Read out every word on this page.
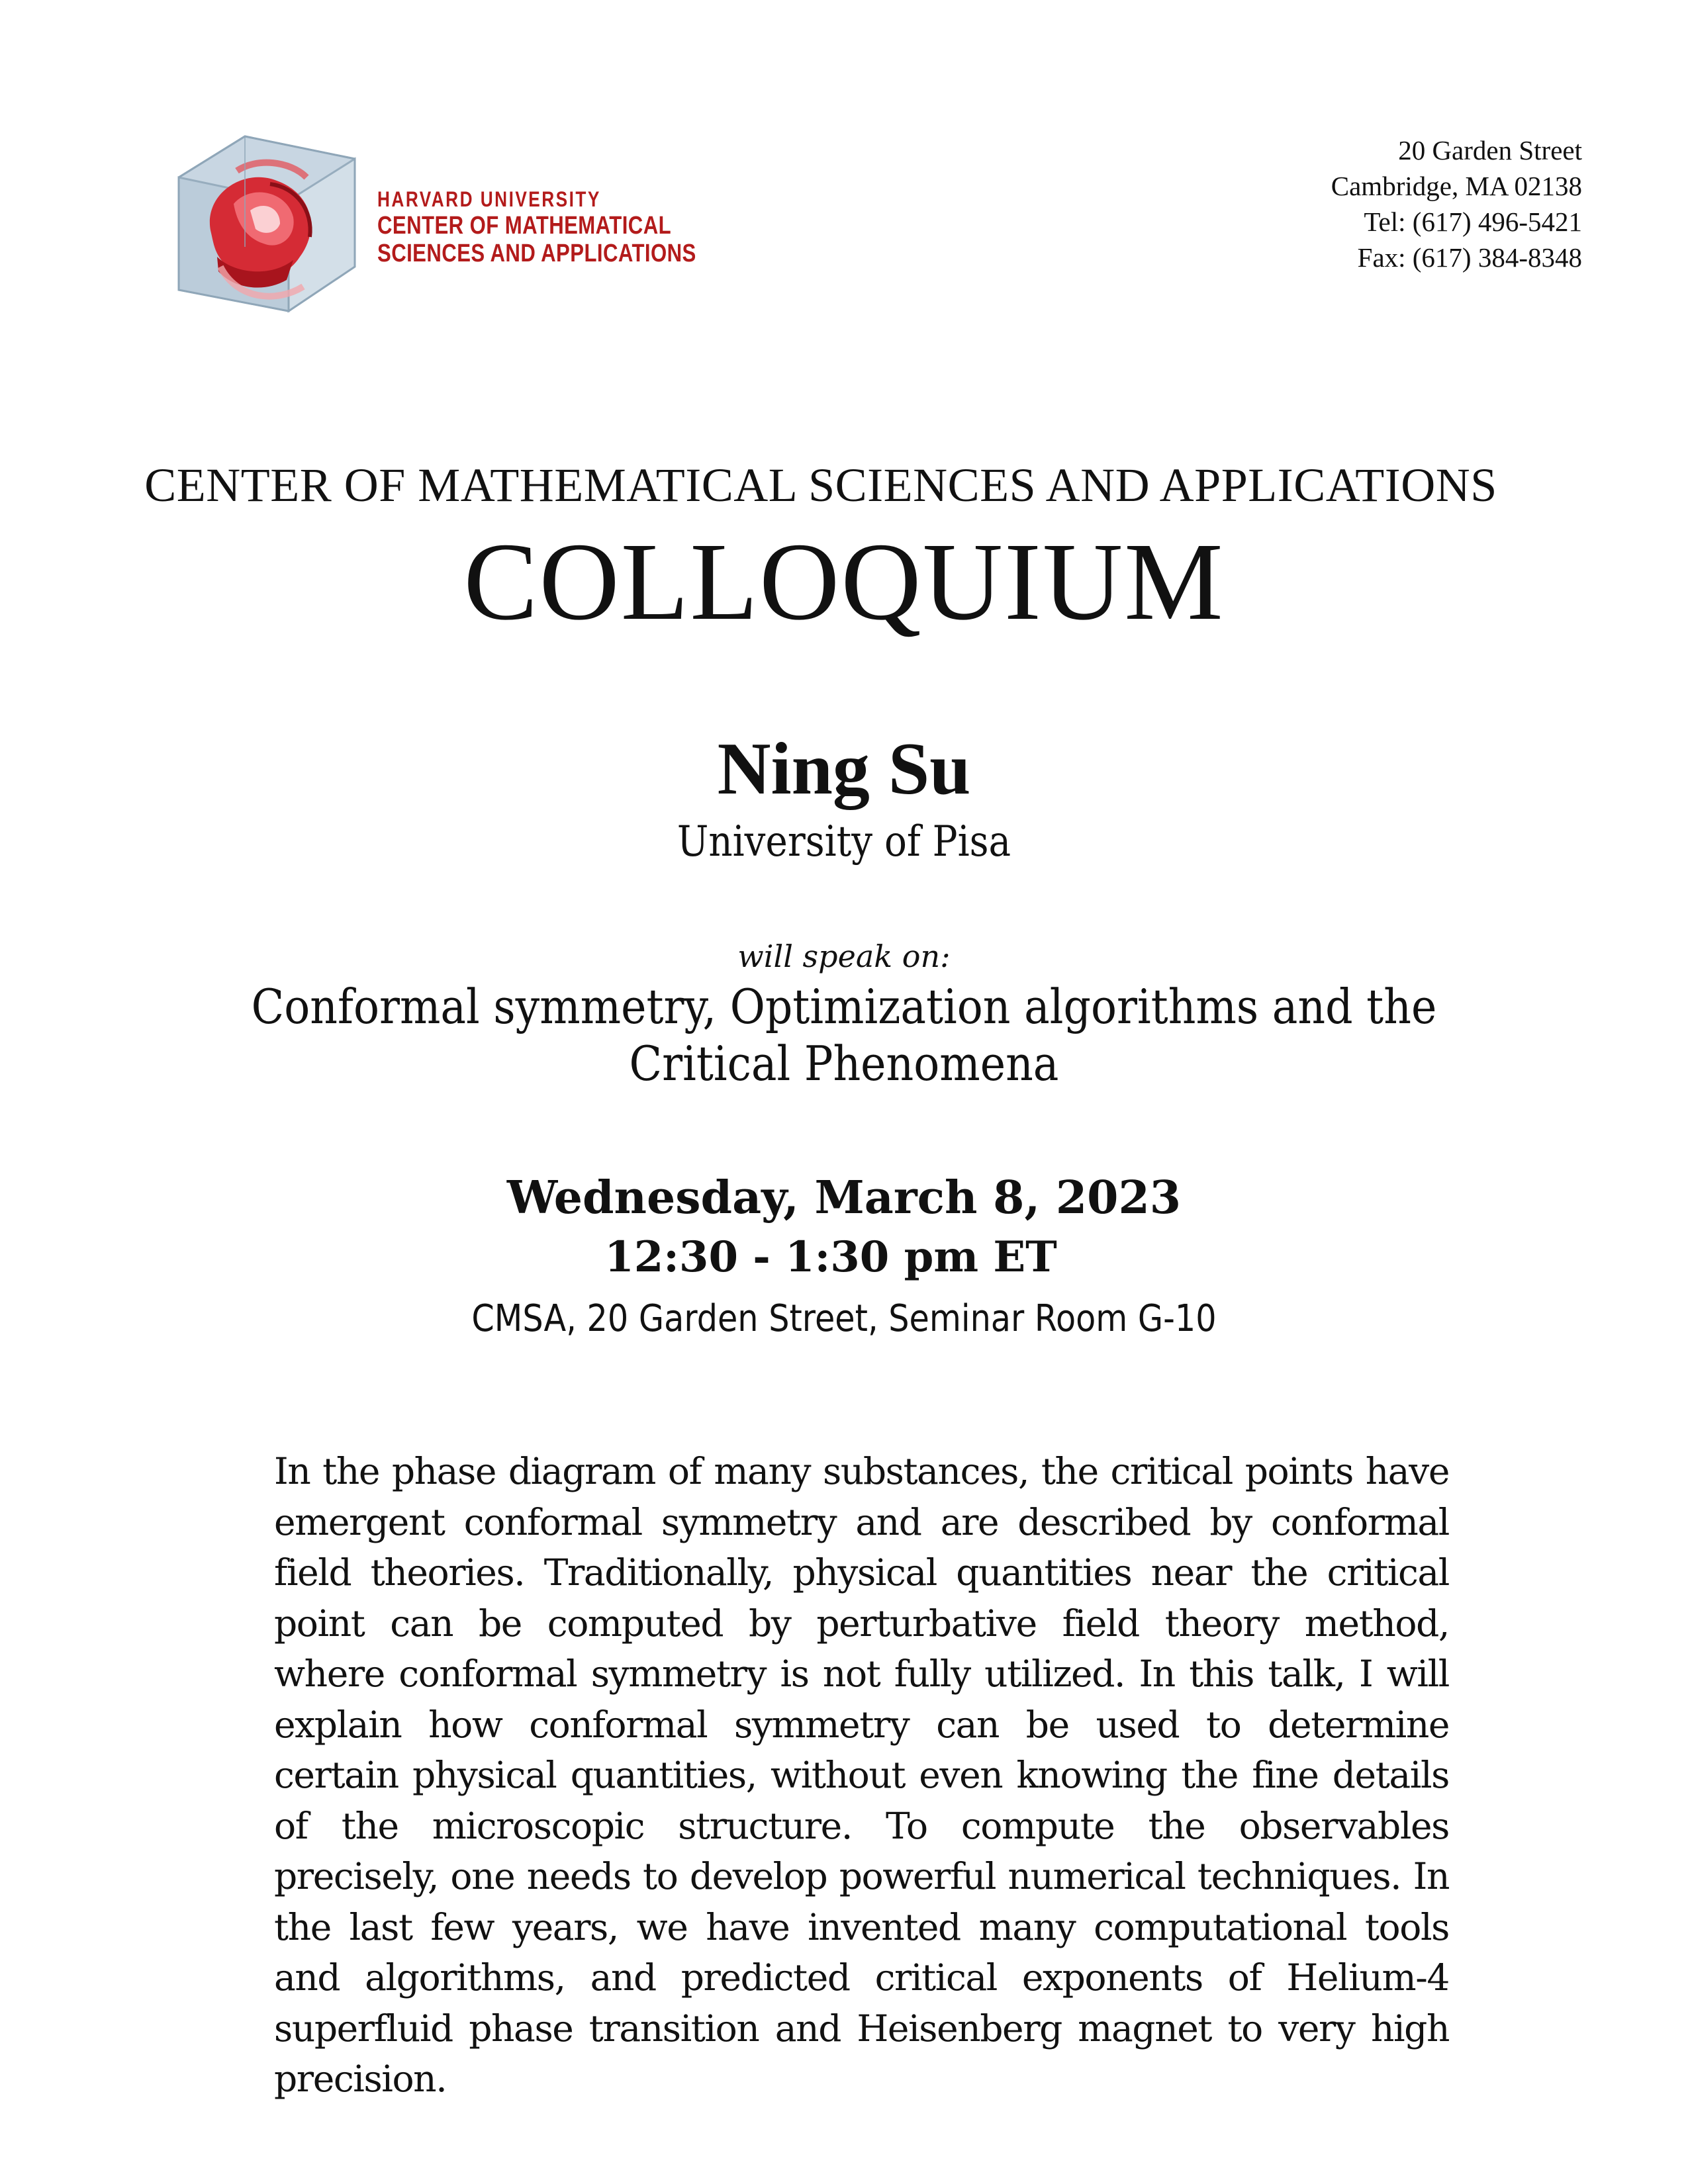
HARVARD UNIVERSITY
CENTER OF MATHEMATICAL
SCIENCES AND APPLICATIONS
20 Garden Street
Cambridge, MA 02138
Tel: (617) 496-5421
Fax: (617) 384-8348
CENTER OF MATHEMATICAL SCIENCES AND APPLICATIONS
COLLOQUIUM
Ning Su
University of Pisa
will speak on:
Conformal symmetry, Optimization algorithms and the Critical Phenomena
Wednesday, March 8, 2023
12:30 - 1:30 pm ET
CMSA, 20 Garden Street, Seminar Room G-10
In the phase diagram of many substances, the critical points have emergent conformal symmetry and are described by conformal field theories. Traditionally, physical quantities near the critical point can be computed by perturbative field theory method, where conformal symmetry is not fully utilized. In this talk, I will explain how conformal symmetry can be used to determine certain physical quantities, without even knowing the fine details of the microscopic structure. To compute the observables precisely, one needs to develop powerful numerical techniques. In the last few years, we have invented many computational tools and algorithms, and predicted critical exponents of Helium-4 superfluid phase transition and Heisenberg magnet to very high precision.
